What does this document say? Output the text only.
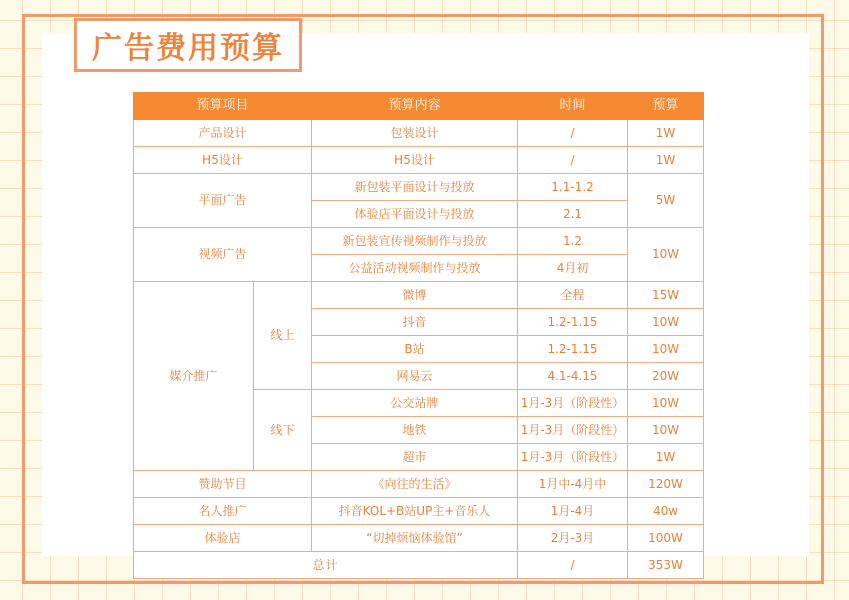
广告费用预算
预算项目		预算内容	时间	预算
产品设计		包装设计	/	1W
H5设计		H5设计	/	1W
平面广告		新包装平面设计与投放	1.1-1.2	5W
		体验店平面设计与投放	2.1	
视频广告		新包装宣传视频制作与投放	1.2	10W
		公益活动视频制作与投放	4月初	
媒介推广	线上	微博	全程	15W
		抖音	1.2-1.15	10W
		B站	1.2-1.15	10W
		网易云	4.1-4.15	20W
	线下	公交站牌	1月-3月（阶段性）	10W
		地铁	1月-3月（阶段性）	10W
		超市	1月-3月（阶段性）	1W
赞助节目		《向往的生活》	1月中-4月中	120W
名人推广		抖音KOL+B站UP主+音乐人	1月-4月	40w
体验店		“切掉烦恼体验馆”	2月-3月	100W
总计			/	353W
